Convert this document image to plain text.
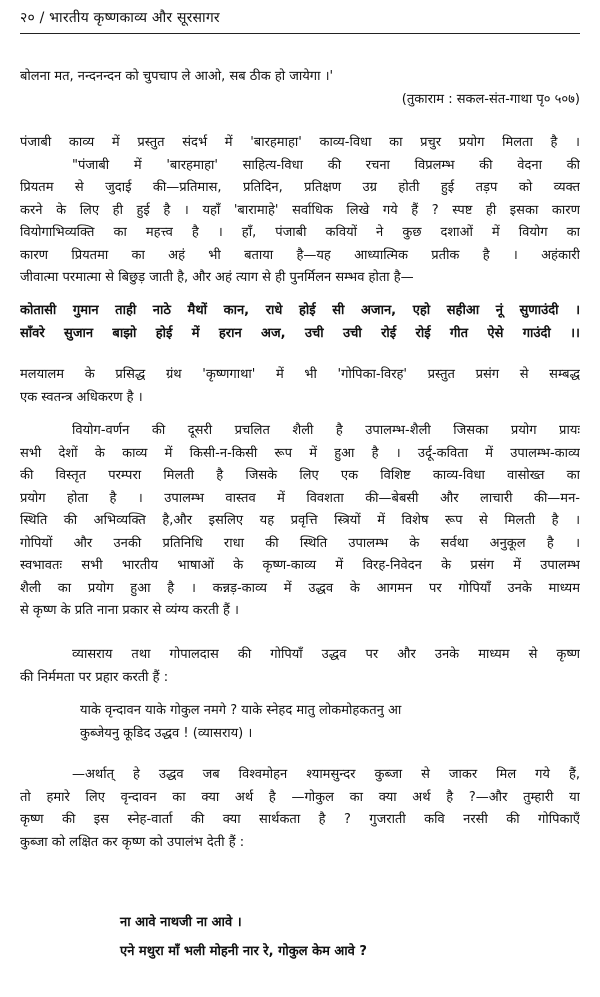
२० / भारतीय कृष्णकाव्य और सूरसागर
बोलना मत, नन्दनन्दन को चुपचाप ले आओ, सब ठीक हो जायेगा ।'
(तुकाराम : सकल-संत-गाथा पृ० ५०७)
पंजाबी काव्य में प्रस्तुत संदर्भ में 'बारहमाहा' काव्य-विधा का प्रचुर प्रयोग मिलता है ।
"पंजाबी में 'बारहमाहा' साहित्य-विधा की रचना विप्रलम्भ की वेदना की
प्रियतम से जुदाई की—प्रतिमास, प्रतिदिन, प्रतिक्षण उग्र होती हुई तड़प को व्यक्त
करने के लिए ही हुई है । यहाँ 'बारामाहे' सर्वाधिक लिखे गये हैं ? स्पष्ट ही इसका कारण
वियोगाभिव्यक्ति का महत्त्व है । हाँ, पंजाबी कवियों ने कुछ दशाओं में वियोग का
कारण प्रियतमा का अहं भी बताया है—यह आध्यात्मिक प्रतीक है । अहंकारी
जीवात्मा परमात्मा से बिछुड़ जाती है, और अहं त्याग से ही पुनर्मिलन सम्भव होता है—
कोतासी गुमान ताही नाठे मैथों कान, राधे होई सी अजान, एहो सहीआ नूं सुणाउंदी ।
साँवरे सुजान बाझो होई में हरान अज, उची उची रोई रोई गीत ऐसे गाउंदी ।।
मलयालम के प्रसिद्ध ग्रंथ 'कृष्णगाथा' में भी 'गोपिका-विरह' प्रस्तुत प्रसंग से सम्बद्ध
एक स्वतन्त्र अधिकरण है ।
वियोग-वर्णन की दूसरी प्रचलित शैली है उपालम्भ-शैली जिसका प्रयोग प्रायः
सभी देशों के काव्य में किसी-न-किसी रूप में हुआ है । उर्दू-कविता में उपालम्भ-काव्य
की विस्तृत परम्परा मिलती है जिसके लिए एक विशिष्ट काव्य-विधा वासोख्त का
प्रयोग होता है । उपालम्भ वास्तव में विवशता की—बेबसी और लाचारी की—मन-
स्थिति की अभिव्यक्ति है,और इसलिए यह प्रवृत्ति स्त्रियों में विशेष रूप से मिलती है ।
गोपियों और उनकी प्रतिनिधि राधा की स्थिति उपालम्भ के सर्वथा अनुकूल है ।
स्वभावतः सभी भारतीय भाषाओं के कृष्ण-काव्य में विरह-निवेदन के प्रसंग में उपालम्भ
शैली का प्रयोग हुआ है । कन्नड़-काव्य में उद्धव के आगमन पर गोपियाँ उनके माध्यम
से कृष्ण के प्रति नाना प्रकार से व्यंग्य करती हैं ।
व्यासराय तथा गोपालदास की गोपियाँ उद्धव पर और उनके माध्यम से कृष्ण
की निर्ममता पर प्रहार करती हैं :
याके वृन्दावन याके गोकुल नमगे ? याके स्नेहद मातु लोकमोहकतनु आ
कुब्जेयनु कूडिद उद्धव ! (व्यासराय) ।
—अर्थात् हे उद्धव जब विश्वमोहन श्यामसुन्दर कुब्जा से जाकर मिल गये हैं,
तो हमारे लिए वृन्दावन का क्या अर्थ है —गोकुल का क्या अर्थ है ?—और तुम्हारी या
कृष्ण की इस स्नेह-वार्ता की क्या सार्थकता है ? गुजराती कवि नरसी की गोपिकाएँ
कुब्जा को लक्षित कर कृष्ण को उपालंभ देती हैं :
ना आवे नाथजी ना आवे ।
एने मथुरा माँ भली मोहनी नार रे, गोकुल केम आवे ?
